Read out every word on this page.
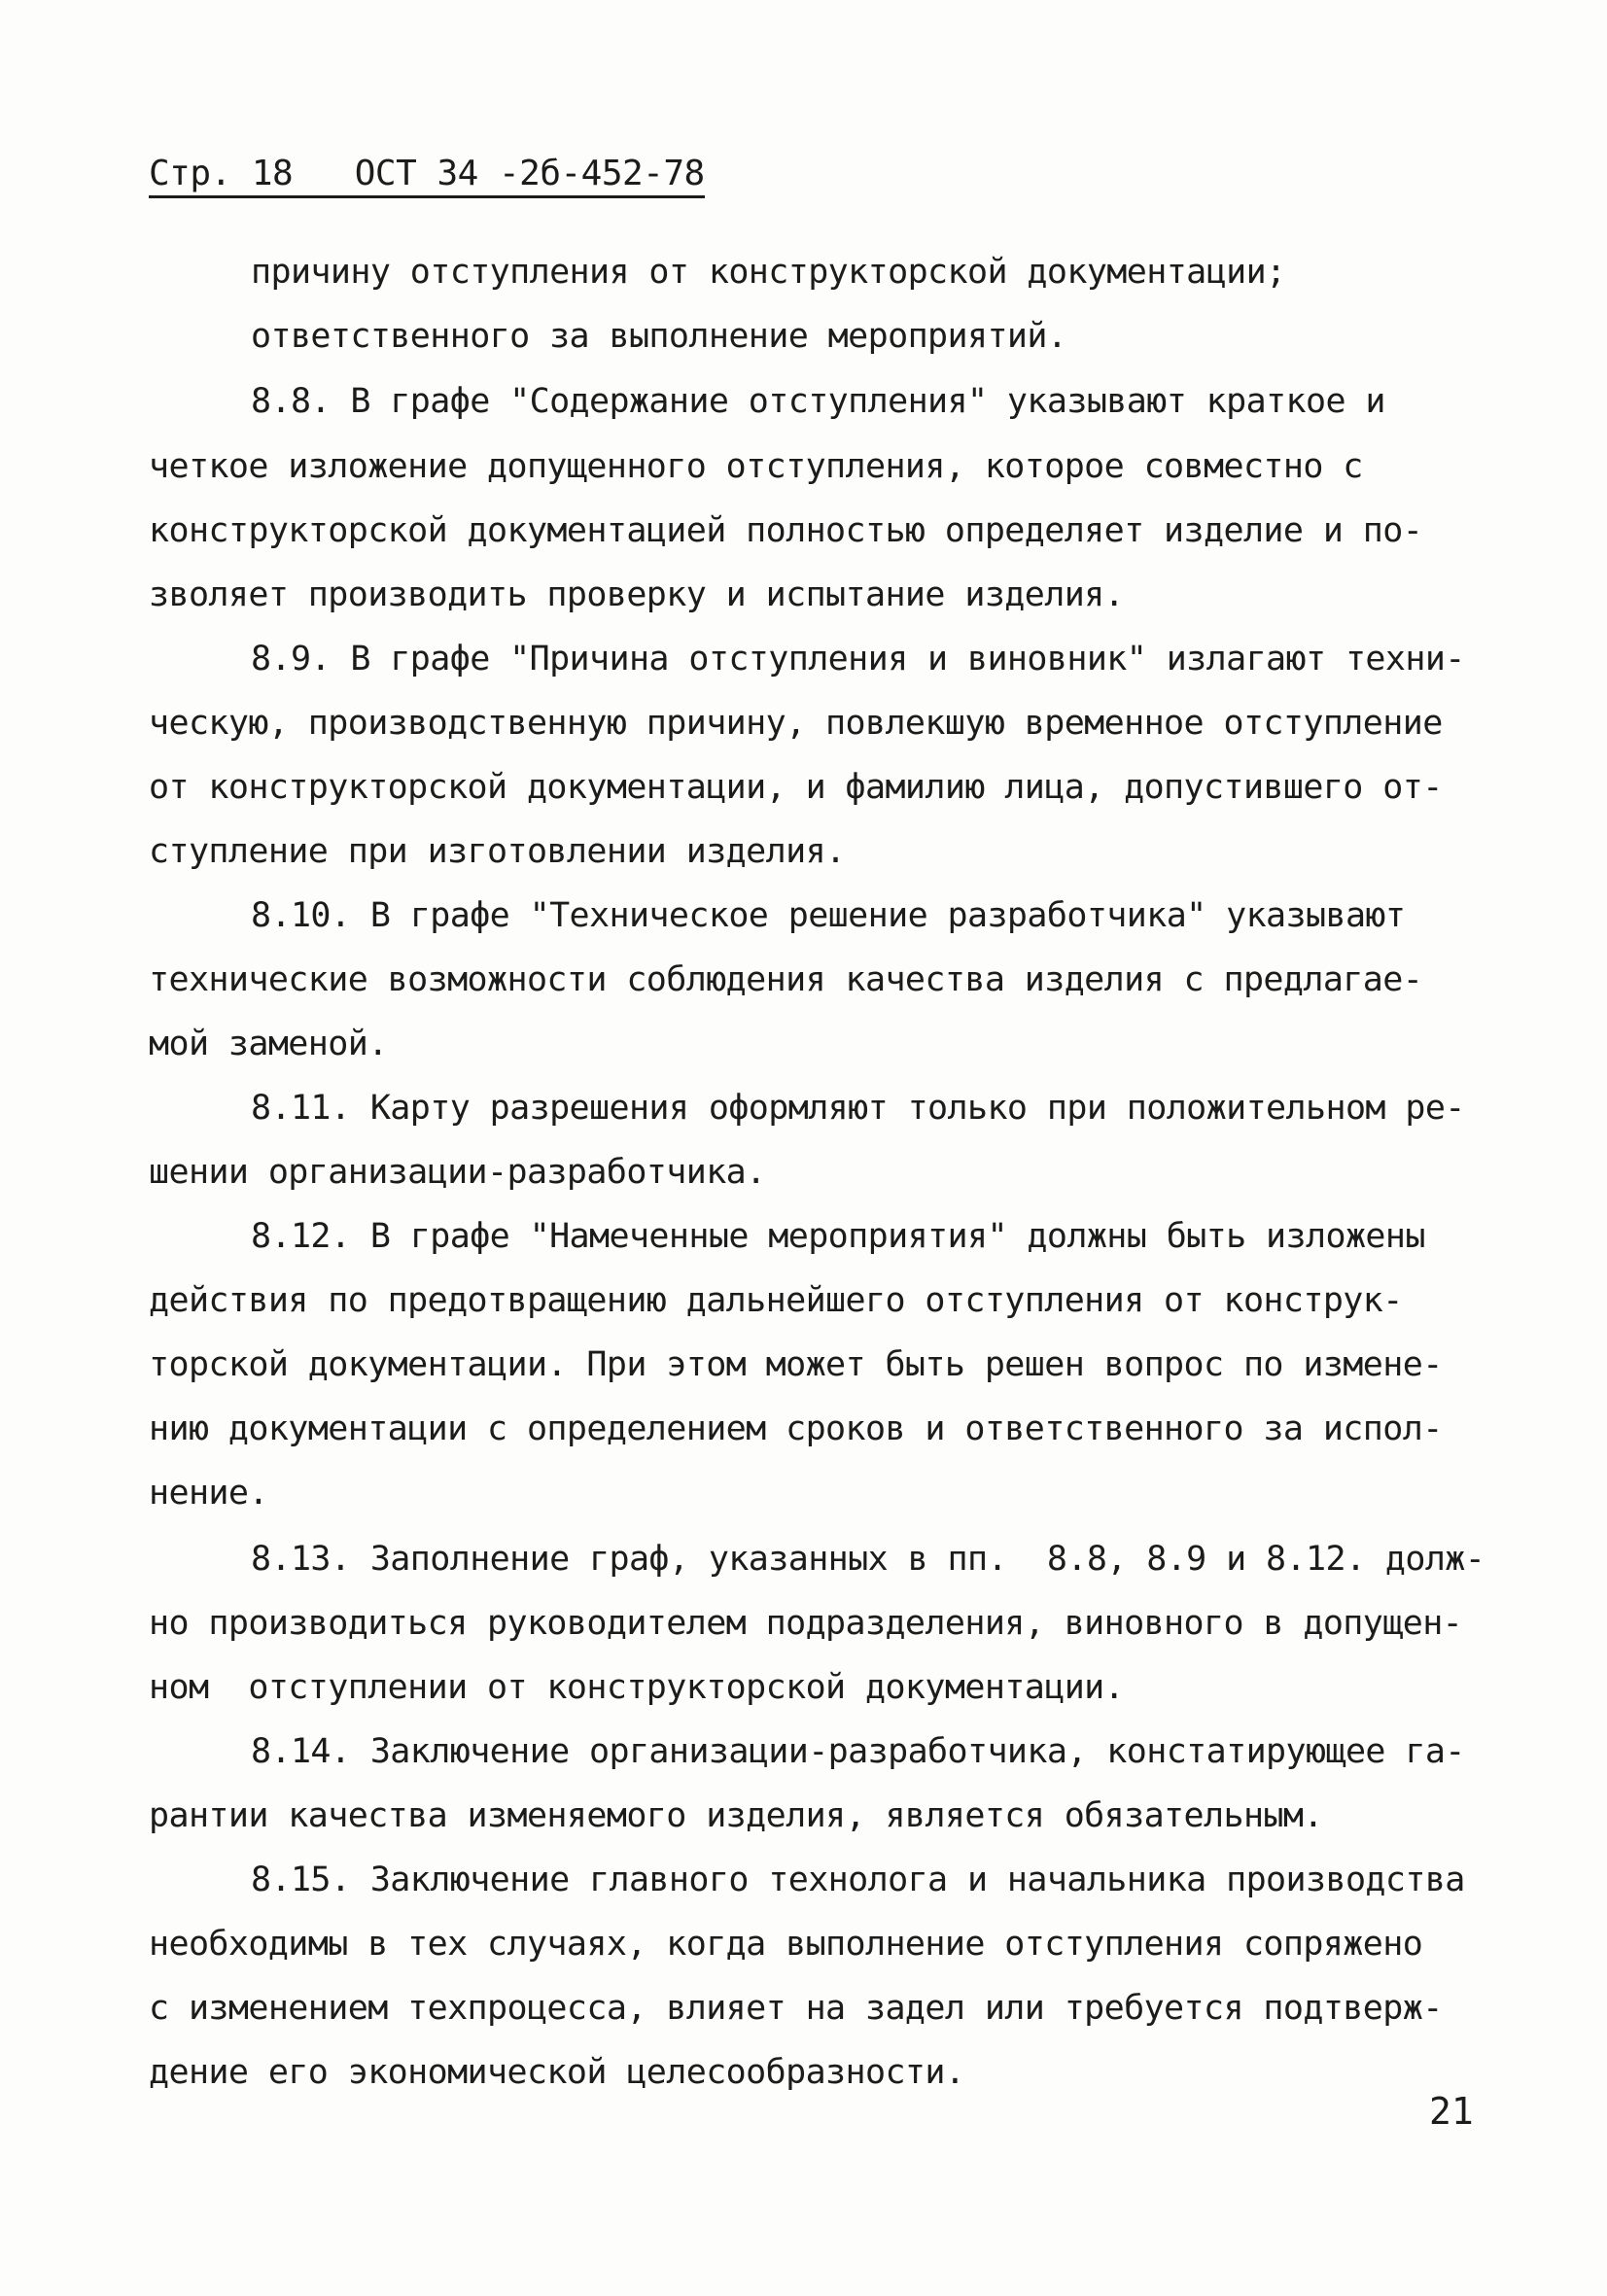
Стр. 18 ОСТ 34 -2б-452-78
причину отступления от конструкторской документации;
ответственного за выполнение мероприятий.
8.8. В графе "Содержание отступления" указывают краткое и
четкое изложение допущенного отступления, которое совместно с
конструкторской документацией полностью определяет изделие и по-
зволяет производить проверку и испытание изделия.
8.9. В графе "Причина отступления и виновник" излагают техни-
ческую, производственную причину, повлекшую временное отступление
от конструкторской документации, и фамилию лица, допустившего от-
ступление при изготовлении изделия.
8.10. В графе "Техническое решение разработчика" указывают
технические возможности соблюдения качества изделия с предлагае-
мой заменой.
8.11. Карту разрешения оформляют только при положительном ре-
шении организации-разработчика.
8.12. В графе "Намеченные мероприятия" должны быть изложены
действия по предотвращению дальнейшего отступления от конструк-
торской документации. При этом может быть решен вопрос по измене-
нию документации с определением сроков и ответственного за испол-
нение.
8.13. Заполнение граф, указанных в пп.  8.8, 8.9 и 8.12. долж-
но производиться руководителем подразделения, виновного в допущен-
ном  отступлении от конструкторской документации.
8.14. Заключение организации-разработчика, констатирующее га-
рантии качества изменяемого изделия, является обязательным.
8.15. Заключение главного технолога и начальника производства
необходимы в тех случаях, когда выполнение отступления сопряжено
с изменением техпроцесса, влияет на задел или требуется подтверж-
дение его экономической целесообразности.
21
